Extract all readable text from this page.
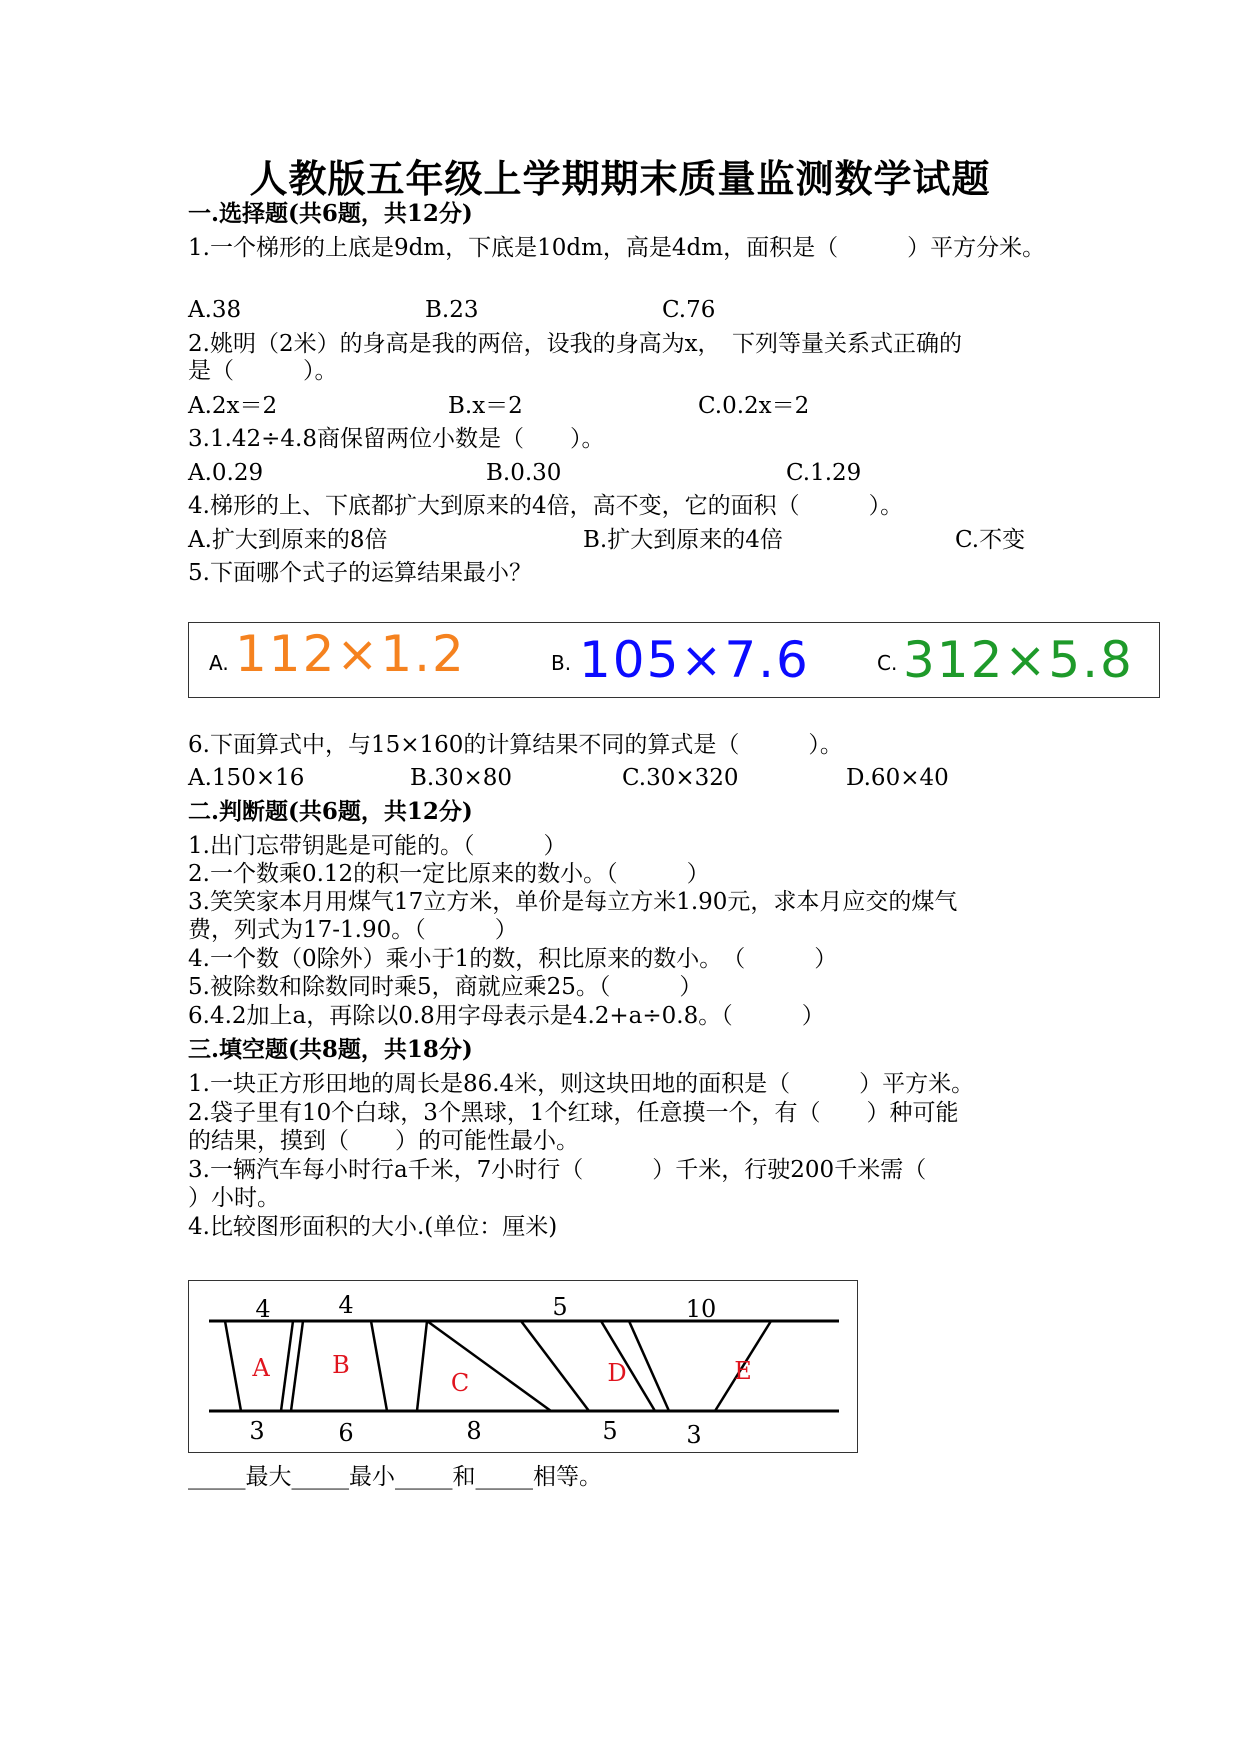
人教版五年级上学期期末质量监测数学试题
一.选择题(共6题，共12分)
1.一个梯形的上底是9dm，下底是10dm，高是4dm，面积是（　　　）平方分米。
A.38	B.23	C.76
2.姚明（2米）的身高是我的两倍，设我的身高为x，　下列等量关系式正确的
是（　　　）。
A.2x＝2	B.x＝2	C.0.2x＝2
3.1.42÷4.8商保留两位小数是（　　）。
A.0.29	B.0.30	C.1.29
4.梯形的上、下底都扩大到原来的4倍，高不变，它的面积（　　　）。
A.扩大到原来的8倍	B.扩大到原来的4倍	C.不变
5.下面哪个式子的运算结果最小？
A. 112×1.2	B. 105×7.6	C. 312×5.8
6.下面算式中，与15×160的计算结果不同的算式是（　　　）。
A.150×16	B.30×80	C.30×320	D.60×40
二.判断题(共6题，共12分)
1.出门忘带钥匙是可能的。（　　　）
2.一个数乘0.12的积一定比原来的数小。（　　　）
3.笑笑家本月用煤气17立方米，单价是每立方米1.90元，求本月应交的煤气
费，列式为17-1.90。（　　　）
4.一个数（0除外）乘小于1的数，积比原来的数小。　（　　　）
5.被除数和除数同时乘5，商就应乘25。（　　　）
6.4.2加上a，再除以0.8用字母表示是4.2+a÷0.8。（　　　）
三.填空题(共8题，共18分)
1.一块正方形田地的周长是86.4米，则这块田地的面积是（　　　）平方米。
2.袋子里有10个白球，3个黑球，1个红球，任意摸一个，有（　　）种可能
的结果，摸到（　　）的可能性最小。
3.一辆汽车每小时行a千米，7小时行（　　　）千米，行驶200千米需（
）小时。
4.比较图形面积的大小.(单位：厘米)
4	4	5	10
3	6	8	5	3
A	B
C	D	E
_____最大_____最小_____和_____相等。
